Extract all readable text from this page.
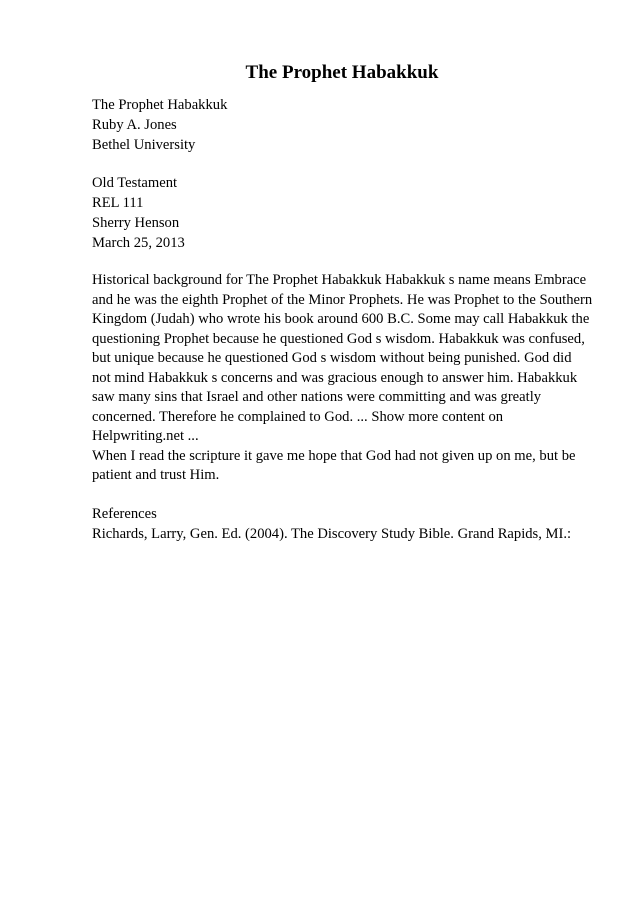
The Prophet Habakkuk
The Prophet Habakkuk
Ruby A. Jones
Bethel University
Old Testament
REL 111
Sherry Henson
March 25, 2013
Historical background for The Prophet Habakkuk Habakkuk s name means Embrace
and he was the eighth Prophet of the Minor Prophets. He was Prophet to the Southern
Kingdom (Judah) who wrote his book around 600 B.C. Some may call Habakkuk the
questioning Prophet because he questioned God s wisdom. Habakkuk was confused,
but unique because he questioned God s wisdom without being punished. God did
not mind Habakkuk s concerns and was gracious enough to answer him. Habakkuk
saw many sins that Israel and other nations were committing and was greatly
concerned. Therefore he complained to God. ... Show more content on
Helpwriting.net ...
When I read the scripture it gave me hope that God had not given up on me, but be
patient and trust Him.
References
Richards, Larry, Gen. Ed. (2004). The Discovery Study Bible. Grand Rapids, MI.:
